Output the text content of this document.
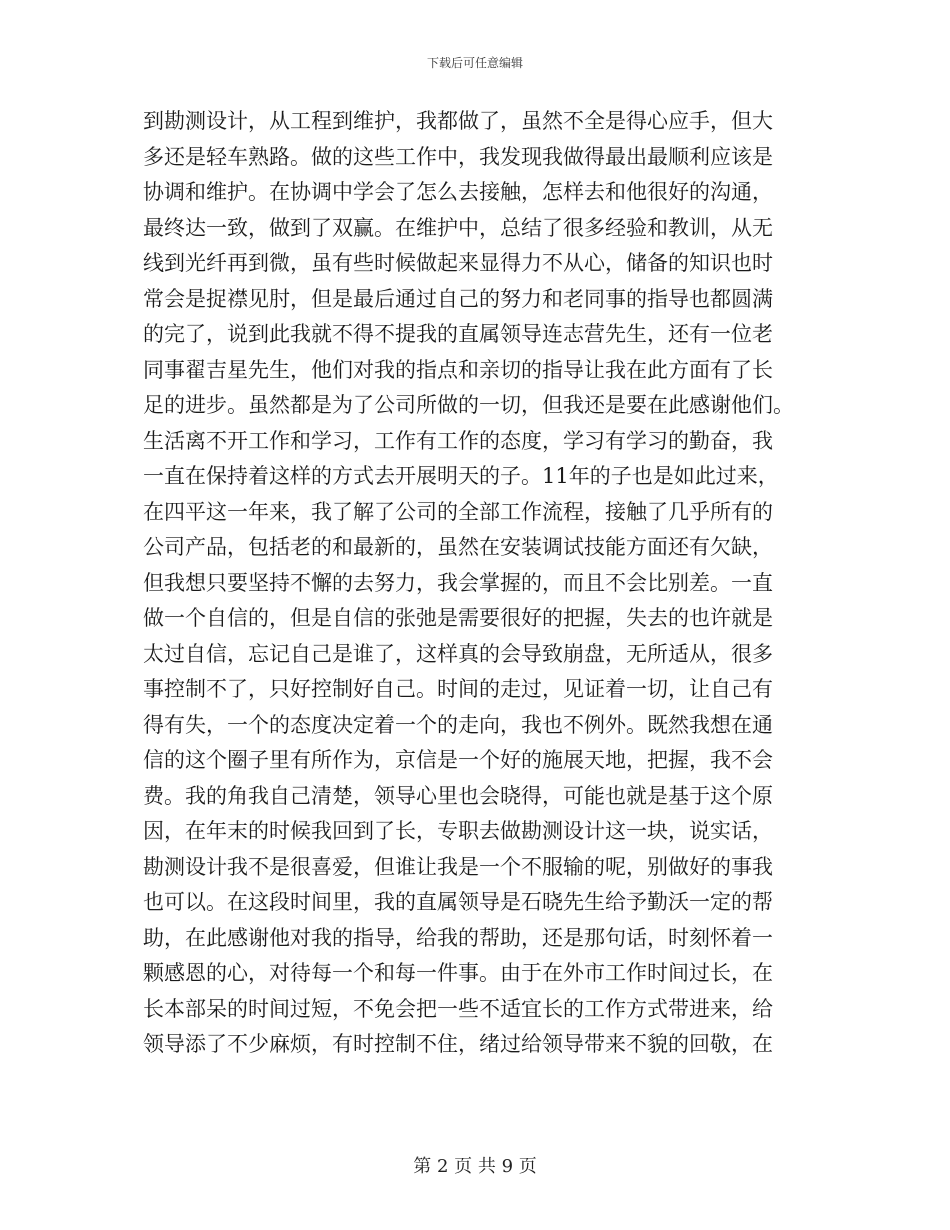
下载后可任意编辑
到勘测设计，从工程到维护，我都做了，虽然不全是得心应手，但大
多还是轻车熟路。做的这些工作中，我发现我做得最出最顺利应该是
协调和维护。在协调中学会了怎么去接触，怎样去和他很好的沟通，
最终达一致，做到了双赢。在维护中，总结了很多经验和教训，从无
线到光纤再到微，虽有些时候做起来显得力不从心，储备的知识也时
常会是捉襟见肘，但是最后通过自己的努力和老同事的指导也都圆满
的完了，说到此我就不得不提我的直属领导连志营先生，还有一位老
同事翟吉星先生，他们对我的指点和亲切的指导让我在此方面有了长
足的进步。虽然都是为了公司所做的一切，但我还是要在此感谢他们。
生活离不开工作和学习，工作有工作的态度，学习有学习的勤奋，我
一直在保持着这样的方式去开展明天的子。11年的子也是如此过来，
在四平这一年来，我了解了公司的全部工作流程，接触了几乎所有的
公司产品，包括老的和最新的，虽然在安装调试技能方面还有欠缺，
但我想只要坚持不懈的去努力，我会掌握的，而且不会比别差。一直
做一个自信的，但是自信的张弛是需要很好的把握，失去的也许就是
太过自信，忘记自己是谁了，这样真的会导致崩盘，无所适从，很多
事控制不了，只好控制好自己。时间的走过，见证着一切，让自己有
得有失，一个的态度决定着一个的走向，我也不例外。既然我想在通
信的这个圈子里有所作为，京信是一个好的施展天地，把握，我不会
费。我的角我自己清楚，领导心里也会晓得，可能也就是基于这个原
因，在年末的时候我回到了长，专职去做勘测设计这一块，说实话，
勘测设计我不是很喜爱，但谁让我是一个不服输的呢，别做好的事我
也可以。在这段时间里，我的直属领导是石晓先生给予勤沃一定的帮
助，在此感谢他对我的指导，给我的帮助，还是那句话，时刻怀着一
颗感恩的心，对待每一个和每一件事。由于在外市工作时间过长，在
长本部呆的时间过短，不免会把一些不适宜长的工作方式带进来，给
领导添了不少麻烦，有时控制不住，绪过给领导带来不貌的回敬，在
第 2 页 共 9 页
